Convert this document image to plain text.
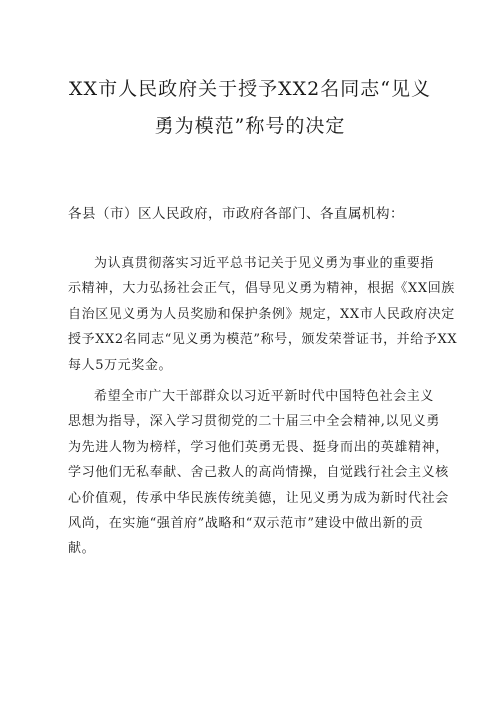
XX市人民政府关于授予XX2名同志“见义
勇为模范”称号的决定
各县（市）区人民政府，市政府各部门、各直属机构：
为认真贯彻落实习近平总书记关于见义勇为事业的重要指
示精神，大力弘扬社会正气，倡导见义勇为精神，根据《XX回族
自治区见义勇为人员奖励和保护条例》规定，XX市人民政府决定
授予XX2名同志“见义勇为模范”称号，颁发荣誉证书，并给予XX
每人5万元奖金。
希望全市广大干部群众以习近平新时代中国特色社会主义
思想为指导，深入学习贯彻党的二十届三中全会精神,以见义勇
为先进人物为榜样，学习他们英勇无畏、挺身而出的英雄精神，
学习他们无私奉献、舍己救人的高尚情操，自觉践行社会主义核
心价值观，传承中华民族传统美德，让见义勇为成为新时代社会
风尚，在实施“强首府”战略和“双示范市”建设中做出新的贡
献。
